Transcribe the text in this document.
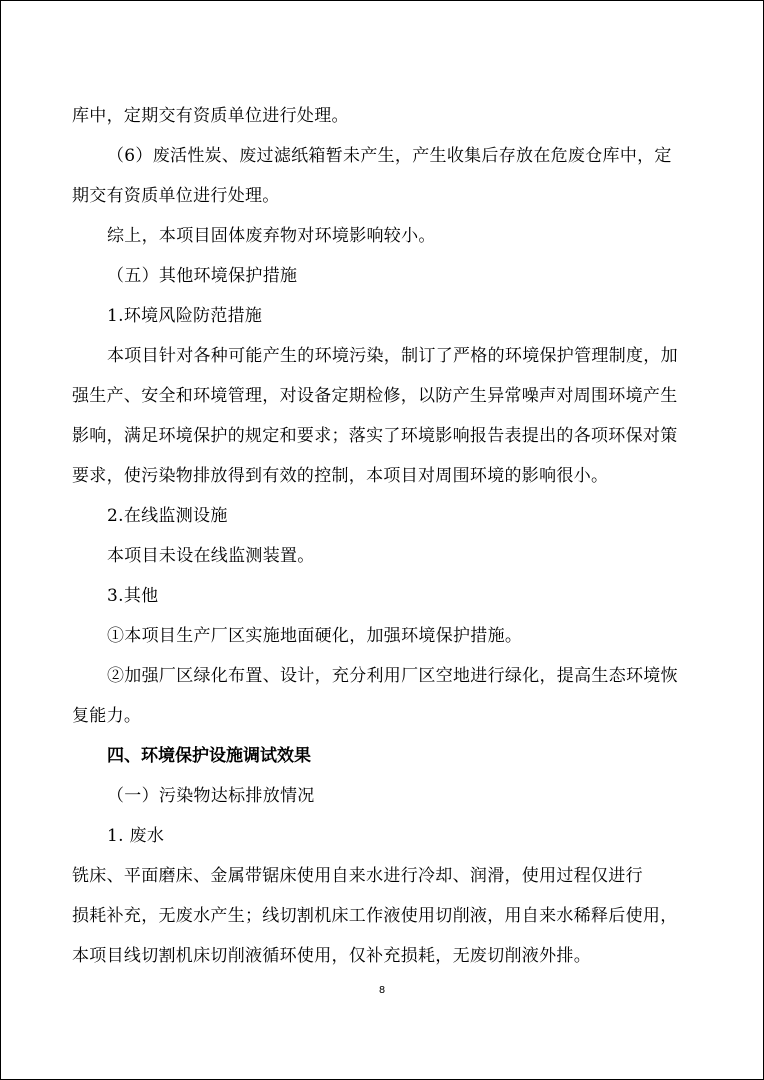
库中，定期交有资质单位进行处理。

（6）废活性炭、废过滤纸箱暂未产生，产生收集后存放在危废仓库中，定

期交有资质单位进行处理。

综上，本项目固体废弃物对环境影响较小。

（五）其他环境保护措施

1.环境风险防范措施

本项目针对各种可能产生的环境污染，制订了严格的环境保护管理制度，加

强生产、安全和环境管理，对设备定期检修，以防产生异常噪声对周围环境产生

影响，满足环境保护的规定和要求；落实了环境影响报告表提出的各项环保对策

要求，使污染物排放得到有效的控制，本项目对周围环境的影响很小。

2.在线监测设施

本项目未设在线监测装置。

3.其他

①本项目生产厂区实施地面硬化，加强环境保护措施。

②加强厂区绿化布置、设计，充分利用厂区空地进行绿化，提高生态环境恢

复能力。

四、环境保护设施调试效果

（一）污染物达标排放情况

1. 废水

铣床、平面磨床、金属带锯床使用自来水进行冷却、润滑，使用过程仅进行

损耗补充，无废水产生；线切割机床工作液使用切削液，用自来水稀释后使用，

本项目线切割机床切削液循环使用，仅补充损耗，无废切削液外排。

8
